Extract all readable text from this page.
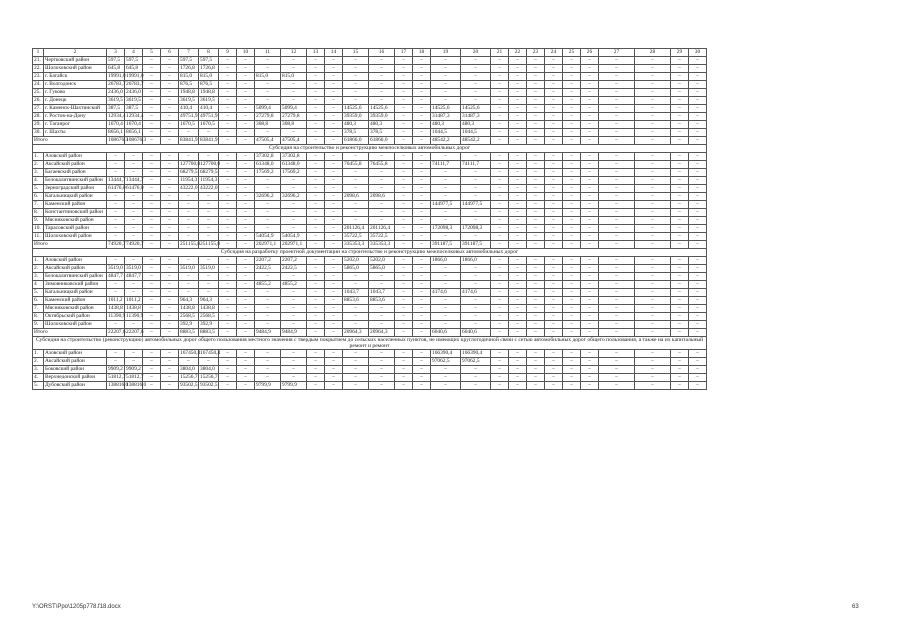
1	2	3	4	5	6	7	8	9	10	11	12	13	14	15	16	17	18	19	20	21	22	23	24	25	26	27	28	29	30
21.	Чертковский район	597,5	597,5	–	–	597,5	597,5	–	–	–	–	–	–	–	–	–	–	–	–	–	–	–	–	–	–	–	–	–	–
22.	Шолоховский район	645,8	645,8	–	–	1726,8	1726,8	–	–	–	–	–	–	–	–	–	–	–	–	–	–	–	–	–	–	–	–	–	–
23.	г. Батайск	19991,0	19991,0	–	–	815,0	815,0	–	–	815,0	815,0	–	–	–	–	–	–	–	–	–	–	–	–	–	–	–	–	–	–
24.	г. Волгодонск	26783,7	26783,7	–	–	876,5	876,5	–	–	–	–	–	–	–	–	–	–	–	–	–	–	–	–	–	–	–	–	–	–
25.	г. Гуково	2436,0	2436,0	–	–	1948,8	1948,8	–	–	–	–	–	–	–	–	–	–	–	–	–	–	–	–	–	–	–	–	–	–
26.	г. Донецк	3619,5	3619,5	–	–	3619,5	3619,5	–	–	–	–	–	–	–	–	–	–	–	–	–	–	–	–	–	–	–	–	–	–
27.	г. Каменск-Шахтинский	387,5	387,5	–	–	410,4	410,4	–	–	5099,4	5099,4	–	–	14525,6	14525,6	–	–	14525,6	14525,6	–	–	–	–	–	–	–	–	–	–
28.	г. Ростов-на-Дону	12934,4	12934,4	–	–	49751,9	49751,9	–	–	27279,8	27279,8	–	–	39359,0	39359,0	–	–	31487,3	31487,3	–	–	–	–	–	–	–	–	–	–
29.	г. Таганрог	1670,4	1670,4	–	–	1670,5	1670,5	–	–	308,8	308,8	–	–	480,3	480,3	–	–	480,3	480,3	–	–	–	–	–	–	–	–	–	–
30.	г. Шахты	8656,1	8656,1	–	–	–	–	–	–	–	–	–	–	378,5	378,5	–	–	1044,5	1044,5	–	–	–	–	–	–	–	–	–	–
Итого		108676,3	108676,3	–	–	83841,9	83841,9	–	–	47505,4	47505,4	–	–	61866,0	61866,0	–	–	48542,2	48542,2	–	–	–	–	–	–	–	–	–	–
Субсидия на строительство и реконструкцию межпоселковых автомобильных дорог																													
1.	Азовский район	–	–	–	–	–	–	–	–	37302,8	37302,8	–	–	–	–	–	–	–	–	–	–	–	–	–	–	–	–	–	–
2.	Аксайский район	–	–	–	–	127700,0	127700,0	–	–	61348,0	61348,0	–	–	76455,8	76455,8	–	–	74111,7	74111,7	–	–	–	–	–	–	–	–	–	–
3.	Багаевский район	–	–	–	–	68279,5	68279,5	–	–	17569,2	17569,2	–	–	–	–	–	–	–	–	–	–	–	–	–	–	–	–	–	–
4.	Белокалитвинский район	13444,7	13444,7	–	–	11954,3	11954,3	–	–	–	–	–	–	–	–	–	–	–	–	–	–	–	–	–	–	–	–	–	–
5.	Зерноградский район	61476,0	61476,0	–	–	43222,0	43222,0	–	–	–	–	–	–	–	–	–	–	–	–	–	–	–	–	–	–	–	–	–	–
6.	Кагальницкий район	–	–	–	–	–	–	–	–	32696,2	32696,2	–	–	2098,6	2098,6	–	–	–	–	–	–	–	–	–	–	–	–	–	–
7.	Каменский район	–	–	–	–	–	–	–	–	–	–	–	–	–	–	–	–	144977,5	144977,5	–	–	–	–	–	–	–	–	–	–
8.	Константиновский район	–	–	–	–	–	–	–	–	–	–	–	–	–	–	–	–	–	–	–	–	–	–	–	–	–	–	–	–
9.	Мясниковский район	–	–	–	–	–	–	–	–	–	–	–	–	–	–	–	–	–	–	–	–	–	–	–	–	–	–	–	–
10.	Тарасовский район	–	–	–	–	–	–	–	–	–	–	–	–	201126,4	201126,4	–	–	172098,3	172098,3	–	–	–	–	–	–	–	–	–	–
11.	Шолоховский район	–	–	–	–	–	–	–	–	54054,9	54054,9	–	–	35722,5	35722,5	–	–	–	–	–	–	–	–	–	–	–	–	–	–
Итого		74920,7	74920,7	–	–	251155,8	251155,8	–	–	202971,1	202971,1	–	–	335353,3	335353,3	–	–	391187,5	391187,5	–	–	–	–	–	–	–	–	–	–
Субсидия на разработку проектной документации на строительство и реконструкцию межпоселковых автомобильных дорог																													
1.	Азовский район	–	–	–	–	–	–	–	–	2207,2	2207,2	–	–	5202,0	5202,0	–	–	1866,0	1866,0	–	–	–	–	–	–	–	–	–	–
2.	Аксайский район	3519,0	3519,0	–	–	3519,0	3519,0	–	–	2422,5	2422,5	–	–	5865,0	5865,0	–	–	–	–	–	–	–	–	–	–	–	–	–	–
3.	Белокалитвинский район	4847,7	4847,7	–	–	–	–	–	–	–	–	–	–	–	–	–	–	–	–	–	–	–	–	–	–	–	–	–	–
4	Зимовниковский район	–	–	–	–	–	–	–	–	4855,2	4855,2	–	–	–	–	–	–	–	–	–	–	–	–	–	–	–	–	–	–
5.	Кагальницкий район	–	–	–	–	–	–	–	–	–	–	–	–	1043,7	1043,7	–	–	4174,6	4174,6	–	–	–	–	–	–	–	–	–	–
6.	Каменский район	1011,2	1011,2	–	–	964,3	964,3	–	–	–	–	–	–	8853,6	8853,6	–	–	–	–	–	–	–	–	–	–	–	–	–	–
7.	Мясниковский район	1438,8	1438,8	–	–	1438,8	1438,8	–	–	–	–	–	–	–	–	–	–	–	–	–	–	–	–	–	–	–	–	–	–
8.	Октябрьский район	11390,9	11390,9	–	–	2568,5	2568,5	–	–	–	–	–	–	–	–	–	–	–	–	–	–	–	–	–	–	–	–	–	–
9.	Шолоховский район	–	–	–	–	392,9	392,9	–	–	–	–	–	–	–	–	–	–	–	–	–	–	–	–	–	–	–	–	–	–
Итого		22207,6	22207,6	–	–	8883,5	8883,5	–	–	9484,9	9484,9	–	–	20964,3	20964,3	–	–	6040,6	6040,6	–	–	–	–	–	–	–	–	–	–
Субсидия на строительство (реконструкцию) автомобильных дорог общего пользования местного значения с твердым покрытием до сельских населенных пунктов, не имеющих круглогодичной связи с сетью автомобильных дорог общего пользования, а также на их капитальный ремонт и ремонт																													
1.	Азовский район	–	–	–	–	167450,4	167450,4	–	–	–	–	–	–	–	–	–	–	166390,4	166390,4	–	–	–	–	–	–	–	–	–	–
2.	Аксайский район	–	–	–	–	–	–	–	–	–	–	–	–	–	–	–	–	97062,5	97062,5	–	–	–	–	–	–	–	–	–	–
3.	Боковский район	9909,2	9909,2	–	–	3804,0	3804,0	–	–	–	–	–	–	–	–	–	–	–	–	–	–	–	–	–	–	–	–	–	–
4.	Верхнедонской район	51812,7	51812,7	–	–	15256,7	15256,7	–	–	–	–	–	–	–	–	–	–	–	–	–	–	–	–	–	–	–	–	–	–
5.	Дубовский район	138816,0	138816,0	–	–	93502,5	93502,5	–	–	9799,9	9799,9	–	–	–	–	–	–	–	–	–	–	–	–	–	–	–	–	–	–
Y:\ORST\Ppo\1205p778.f18.docx	63
